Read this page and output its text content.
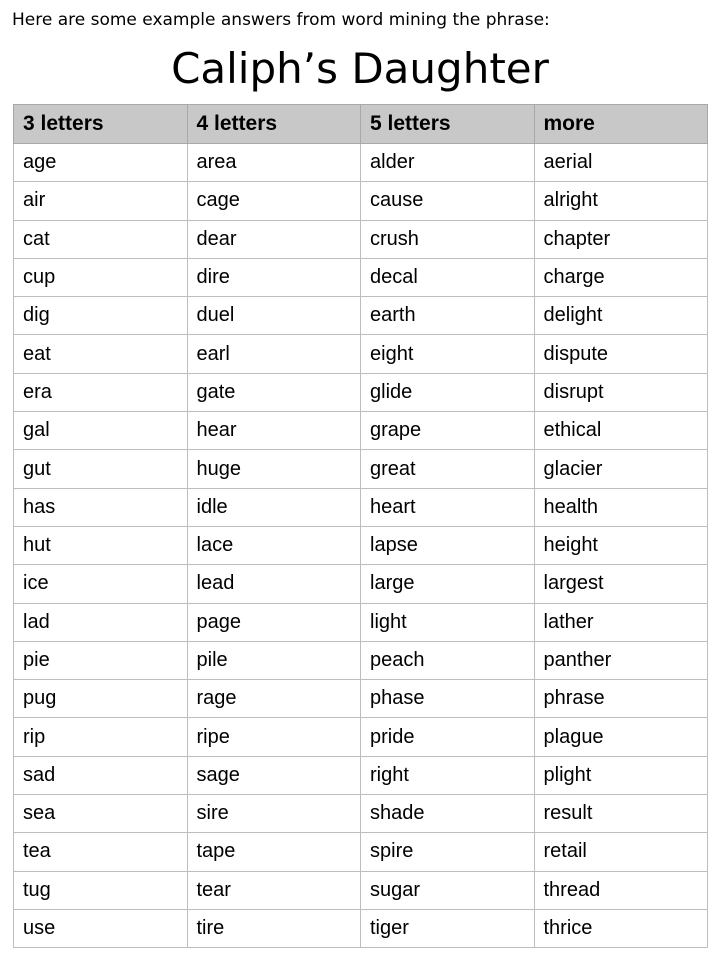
Here are some example answers from word mining the phrase:
Caliph’s Daughter
3 letters	4 letters	5 letters	more
age	area	alder	aerial
air	cage	cause	alright
cat	dear	crush	chapter
cup	dire	decal	charge
dig	duel	earth	delight
eat	earl	eight	dispute
era	gate	glide	disrupt
gal	hear	grape	ethical
gut	huge	great	glacier
has	idle	heart	health
hut	lace	lapse	height
ice	lead	large	largest
lad	page	light	lather
pie	pile	peach	panther
pug	rage	phase	phrase
rip	ripe	pride	plague
sad	sage	right	plight
sea	sire	shade	result
tea	tape	spire	retail
tug	tear	sugar	thread
use	tire	tiger	thrice
